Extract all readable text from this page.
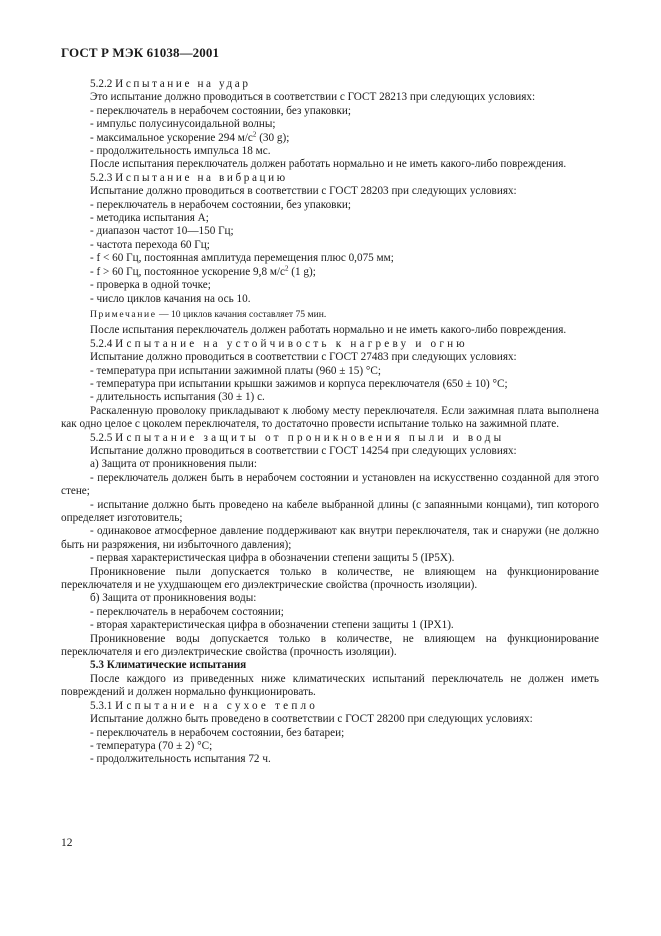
ГОСТ Р МЭК 61038—2001

5.2.2 Испытание на удар

Это испытание должно проводиться в соответствии с ГОСТ 28213 при следующих условиях:

- переключатель в нерабочем состоянии, без упаковки;

- импульс полусинусоидальной волны;

- максимальное ускорение 294 $м/с^2$ (30 g);

- продолжительность импульса 18 мс.

После испытания переключатель должен работать нормально и не иметь какого-либо повреждения.

5.2.3 Испытание на вибрацию

Испытание должно проводиться в соответствии с ГОСТ 28203 при следующих условиях:

- переключатель в нерабочем состоянии, без упаковки;

- методика испытания А;

- диапазон частот 10—150 Гц;

- частота перехода 60 Гц;

- f < 60 Гц, постоянная амплитуда перемещения плюс 0,075 мм;

- f > 60 Гц, постоянное ускорение 9,8 $м/с^2$ (1 g);

- проверка в одной точке;

- число циклов качания на ось 10.

Примечание — 10 циклов качания составляет 75 мин.

После испытания переключатель должен работать нормально и не иметь какого-либо повреждения.

5.2.4 Испытание на устойчивость к нагреву и огню

Испытание должно проводиться в соответствии с ГОСТ 27483 при следующих условиях:

- температура при испытании зажимной платы (960 ± 15) °С;

- температура при испытании крышки зажимов и корпуса переключателя (650 ± 10) °С;

- длительность испытания (30 ± 1) с.

Раскаленную проволоку прикладывают к любому месту переключателя. Если зажимная плата выполнена как одно целое с цоколем переключателя, то достаточно провести испытание только на зажимной плате.

5.2.5 Испытание защиты от проникновения пыли и воды

Испытание должно проводиться в соответствии с ГОСТ 14254 при следующих условиях:

а) Защита от проникновения пыли:

- переключатель должен быть в нерабочем состоянии и установлен на искусственно созданной для этого стене;

- испытание должно быть проведено на кабеле выбранной длины (с запаянными концами), тип которого определяет изготовитель;

- одинаковое атмосферное давление поддерживают как внутри переключателя, так и снаружи (не должно быть ни разряжения, ни избыточного давления);

- первая характеристическая цифра в обозначении степени защиты 5 (IP5X).

Проникновение пыли допускается только в количестве, не влияющем на функционирование переключателя и не ухудшающем его диэлектрические свойства (прочность изоляции).

б) Защита от проникновения воды:

- переключатель в нерабочем состоянии;

- вторая характеристическая цифра в обозначении степени защиты 1 (IPX1).

Проникновение воды допускается только в количестве, не влияющем на функционирование переключателя и его диэлектрические свойства (прочность изоляции).

5.3 Климатические испытания

После каждого из приведенных ниже климатических испытаний переключатель не должен иметь повреждений и должен нормально функционировать.

5.3.1 Испытание на сухое тепло

Испытание должно быть проведено в соответствии с ГОСТ 28200 при следующих условиях:

- переключатель в нерабочем состоянии, без батареи;

- температура (70 ± 2) °С;

- продолжительность испытания 72 ч.

12
